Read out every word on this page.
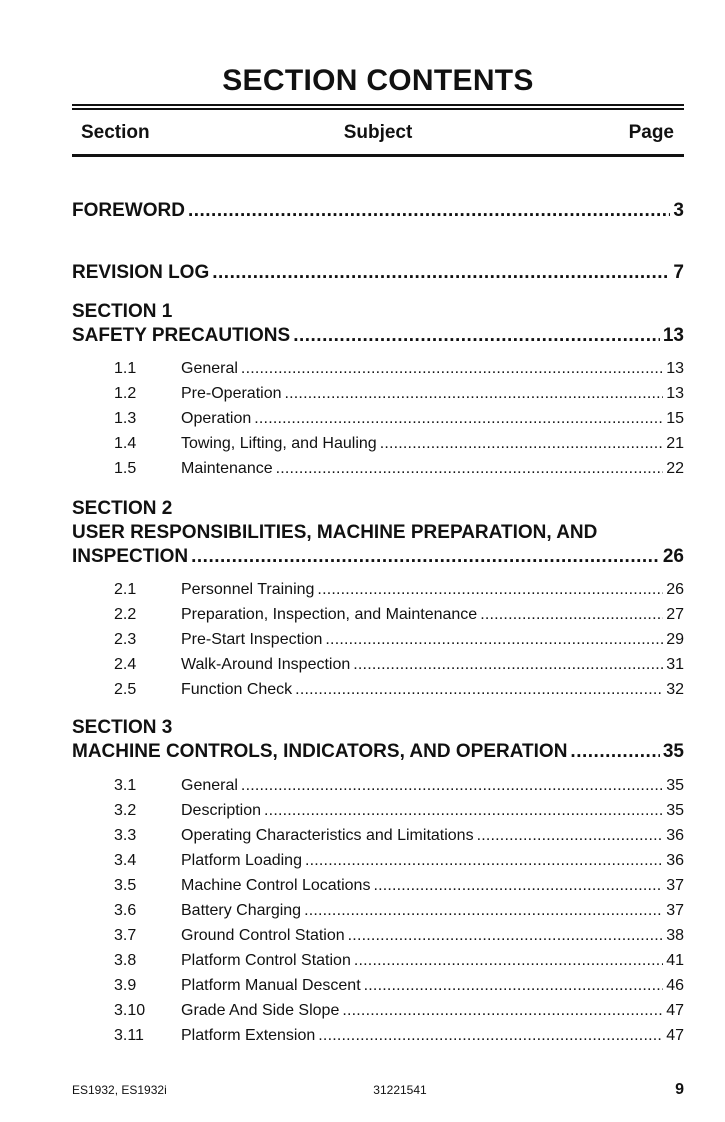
SECTION CONTENTS
Section	Subject	Page
FOREWORD .....	3
REVISION LOG .....	7
SECTION 1
SAFETY PRECAUTIONS .....	13
1.1	General .....	13
1.2	Pre-Operation .....	13
1.3	Operation .....	15
1.4	Towing, Lifting, and Hauling .....	21
1.5	Maintenance .....	22
SECTION 2
USER RESPONSIBILITIES, MACHINE PREPARATION, AND
INSPECTION .....	26
2.1	Personnel Training .....	26
2.2	Preparation, Inspection, and Maintenance .....	27
2.3	Pre-Start Inspection .....	29
2.4	Walk-Around Inspection .....	31
2.5	Function Check .....	32
SECTION 3
MACHINE CONTROLS, INDICATORS, AND OPERATION .....	35
3.1	General .....	35
3.2	Description .....	35
3.3	Operating Characteristics and Limitations .....	36
3.4	Platform Loading .....	36
3.5	Machine Control Locations .....	37
3.6	Battery Charging .....	37
3.7	Ground Control Station .....	38
3.8	Platform Control Station .....	41
3.9	Platform Manual Descent .....	46
3.10	Grade And Side Slope .....	47
3.11	Platform Extension .....	47
ES1932, ES1932i	31221541	9
